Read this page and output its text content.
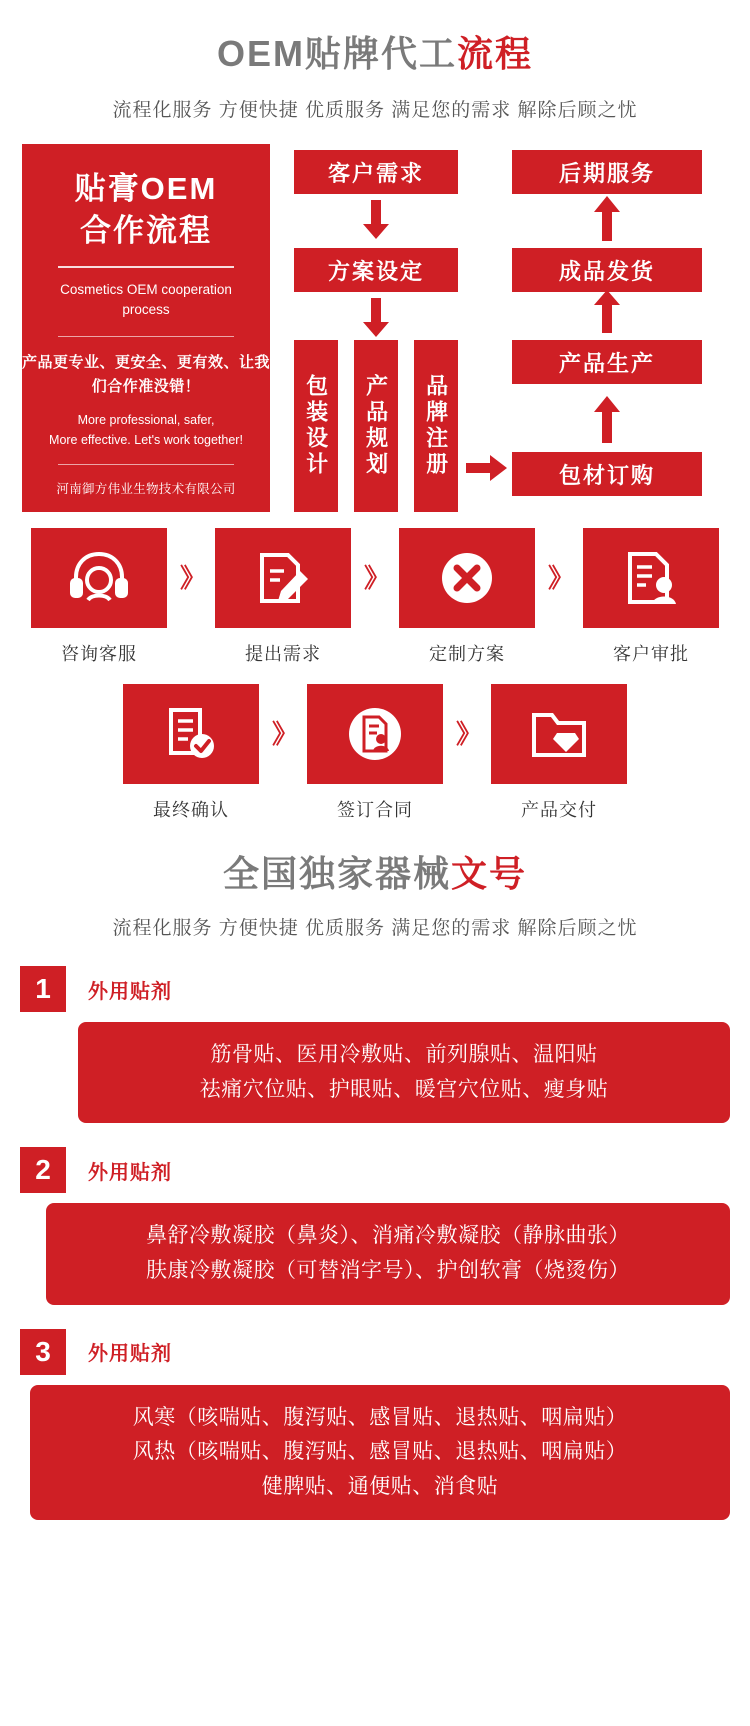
OEM贴牌代工流程
流程化服务 方便快捷 优质服务 满足您的需求 解除后顾之忧
贴膏OEM
合作流程
Cosmetics OEM cooperation process
产品更专业、更安全、更有效、让我们合作准没错！
More professional, safer,
More effective. Let's work together!
河南御方伟业生物技术有限公司
客户需求
方案设定
包装设计	产品规划	品牌注册	包材订购
产品生产
成品发货
后期服务
咨询客服
》
提出需求
》
定制方案
》
客户审批
最终确认
》
签订合同
》
产品交付
全国独家器械文号
流程化服务 方便快捷 优质服务 满足您的需求 解除后顾之忧
1	外用贴剂
筋骨贴、医用冷敷贴、前列腺贴、温阳贴
祛痛穴位贴、护眼贴、暖宫穴位贴、瘦身贴
2	外用贴剂
鼻舒冷敷凝胶（鼻炎）、消痛冷敷凝胶（静脉曲张）
肤康冷敷凝胶（可替消字号）、护创软膏（烧烫伤）
3	外用贴剂
风寒（咳喘贴、腹泻贴、感冒贴、退热贴、咽扁贴）
风热（咳喘贴、腹泻贴、感冒贴、退热贴、咽扁贴）
健脾贴、通便贴、消食贴
